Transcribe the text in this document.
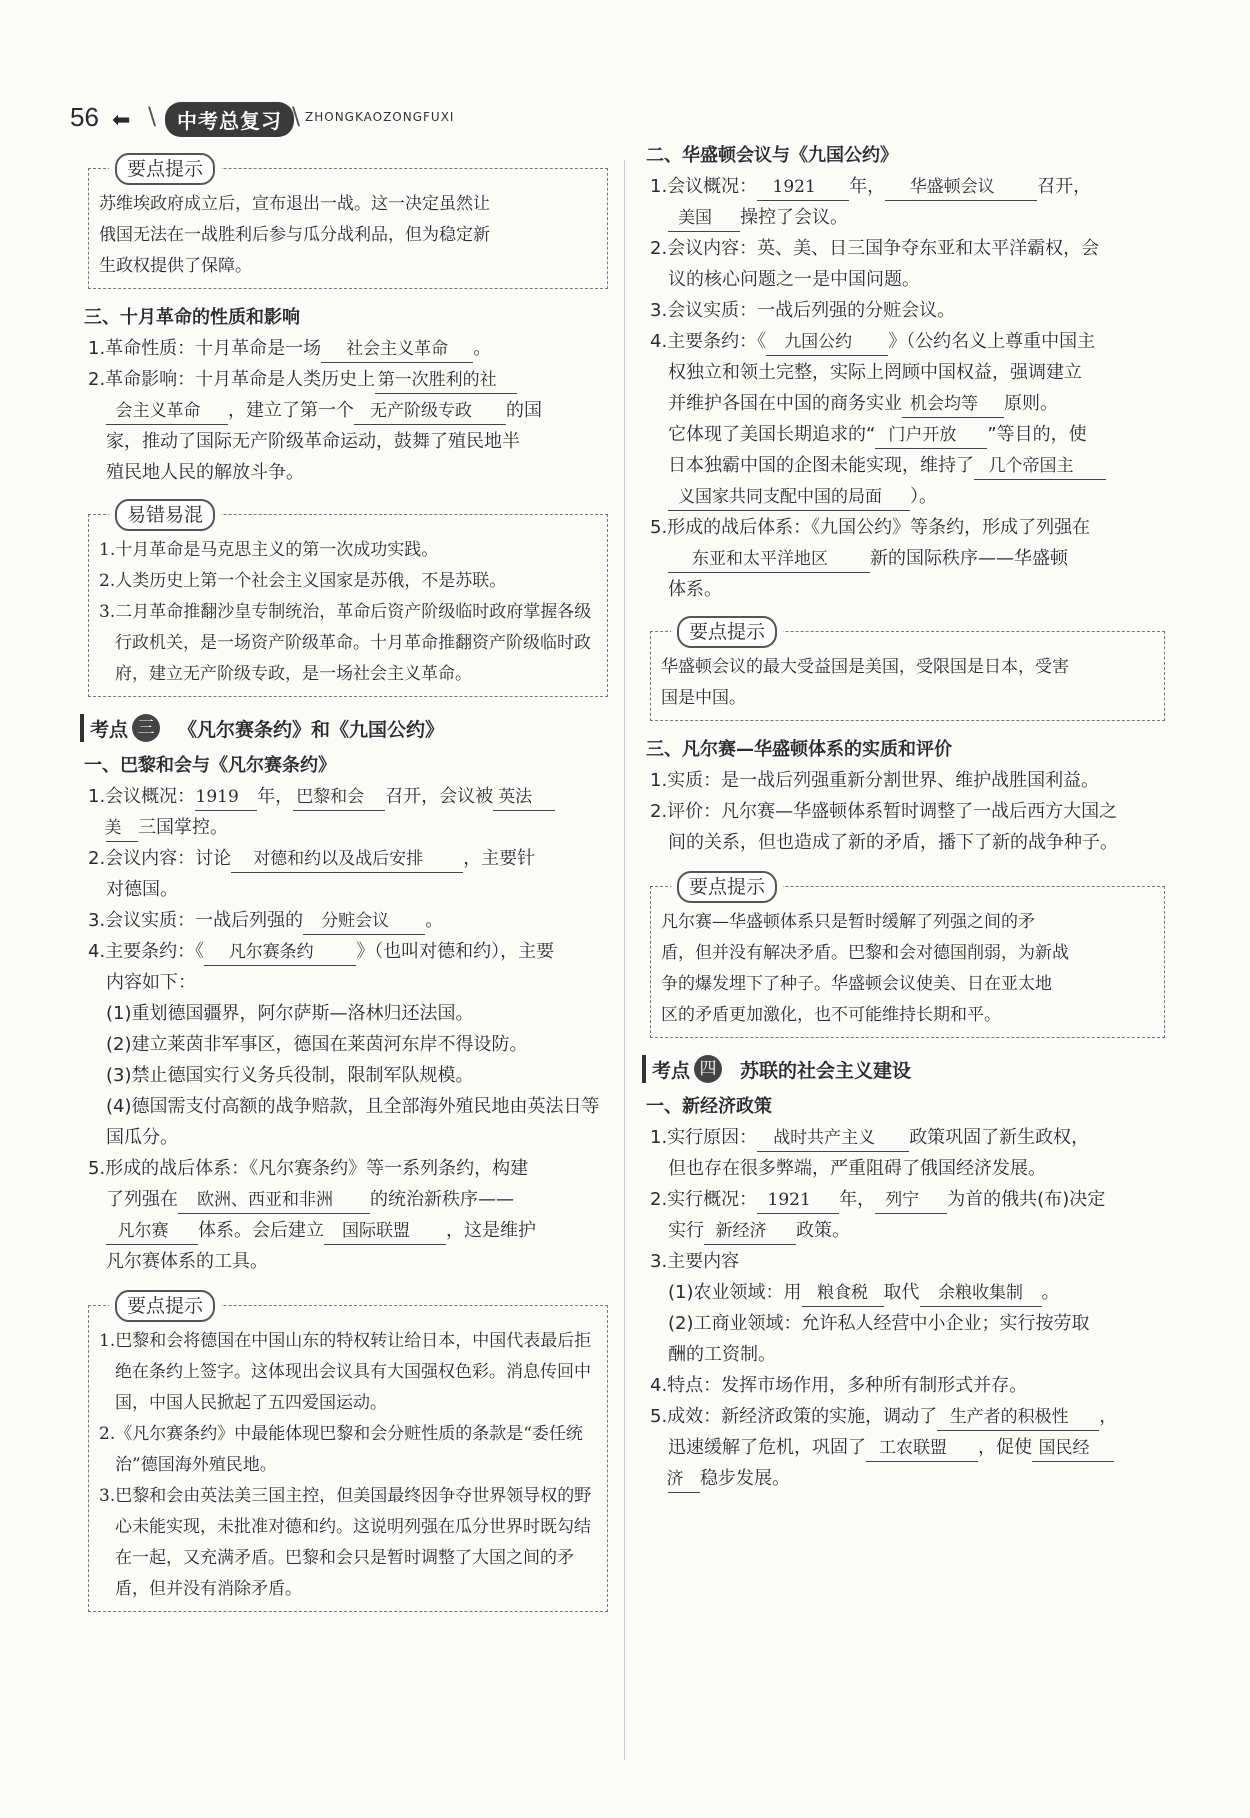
56 ⬅ \	中考总复习 \ ZHONGKAOZONGFUXI
要点提示

苏维埃政府成立后，宣布退出一战。这一决定虽然让

俄国无法在一战胜利后参与瓜分战利品，但为稳定新

生政权提供了保障。

三、十月革命的性质和影响

1.革命性质：十月革命是一场 社会主义革命 。

2.革命影响：十月革命是人类历史上 第一次胜利的社
会主义革命 ，建立了第一个 无产阶级专政 的国
家，推动了国际无产阶级革命运动，鼓舞了殖民地半
殖民地人民的解放斗争。

易错易混

1.十月革命是马克思主义的第一次成功实践。

2.人类历史上第一个社会主义国家是苏俄，不是苏联。

3.二月革命推翻沙皇专制统治，革命后资产阶级临时政府掌握各级行政机关，是一场资产阶级革命。十月革命推翻资产阶级临时政府，建立无产阶级专政，是一场社会主义革命。

考点 三 《凡尔赛条约》和《九国公约》

一、巴黎和会与《凡尔赛条约》

1.会议概况：1919 年， 巴黎和会 召开，会议被 英法
美 三国掌控。

2.会议内容：讨论 对德和约以及战后安排 ，主要针
对德国。

3.会议实质：一战后列强的 分赃会议 。

4.主要条约：《 凡尔赛条约 》（也叫对德和约），主要
内容如下：

(1)重划德国疆界，阿尔萨斯—洛林归还法国。

(2)建立莱茵非军事区，德国在莱茵河东岸不得设防。

(3)禁止德国实行义务兵役制，限制军队规模。

(4)德国需支付高额的战争赔款，且全部海外殖民地由英法日等国瓜分。

5.形成的战后体系：《凡尔赛条约》等一系列条约，构建
了列强在 欧洲、西亚和非洲 的统治新秩序——
凡尔赛 体系。会后建立 国际联盟 ，这是维护
凡尔赛体系的工具。

要点提示

1.巴黎和会将德国在中国山东的特权转让给日本，中国代表最后拒绝在条约上签字。这体现出会议具有大国强权色彩。消息传回中国，中国人民掀起了五四爱国运动。

2.《凡尔赛条约》中最能体现巴黎和会分赃性质的条款是“委任统治”德国海外殖民地。

3.巴黎和会由英法美三国主控，但美国最终因争夺世界领导权的野心未能实现，未批准对德和约。这说明列强在瓜分世界时既勾结在一起，又充满矛盾。巴黎和会只是暂时调整了大国之间的矛盾，但并没有消除矛盾。

二、华盛顿会议与《九国公约》

1.会议概况： 1921 年， 华盛顿会议 召开，
美国 操控了会议。

2.会议内容：英、美、日三国争夺东亚和太平洋霸权，会
议的核心问题之一是中国问题。

3.会议实质：一战后列强的分赃会议。

4.主要条约：《 九国公约 》（公约名义上尊重中国主
权独立和领土完整，实际上罔顾中国权益，强调建立
并维护各国在中国的商务实业 机会均等 原则。
它体现了美国长期追求的“ 门户开放 ”等目的，使
日本独霸中国的企图未能实现，维持了 几个帝国主
义国家共同支配中国的局面 ）。

5.形成的战后体系：《九国公约》等条约，形成了列强在
东亚和太平洋地区 新的国际秩序——华盛顿
体系。

要点提示

华盛顿会议的最大受益国是美国，受限国是日本，受害

国是中国。

三、凡尔赛—华盛顿体系的实质和评价

1.实质：是一战后列强重新分割世界、维护战胜国利益。

2.评价：凡尔赛—华盛顿体系暂时调整了一战后西方大国之
间的关系，但也造成了新的矛盾，播下了新的战争种子。

要点提示

凡尔赛—华盛顿体系只是暂时缓解了列强之间的矛

盾，但并没有解决矛盾。巴黎和会对德国削弱，为新战

争的爆发埋下了种子。华盛顿会议使美、日在亚太地

区的矛盾更加激化，也不可能维持长期和平。

考点 四 苏联的社会主义建设

一、新经济政策

1.实行原因： 战时共产主义 政策巩固了新生政权，
但也存在很多弊端，严重阻碍了俄国经济发展。

2.实行概况： 1921 年， 列宁 为首的俄共(布)决定
实行 新经济 政策。

3.主要内容

(1)农业领域：用 粮食税 取代 余粮收集制 。

(2)工商业领域：允许私人经营中小企业；实行按劳取
酬的工资制。

4.特点：发挥市场作用，多种所有制形式并存。

5.成效：新经济政策的实施，调动了 生产者的积极性 ，
迅速缓解了危机，巩固了 工农联盟 ，促使 国民经
济 稳步发展。
